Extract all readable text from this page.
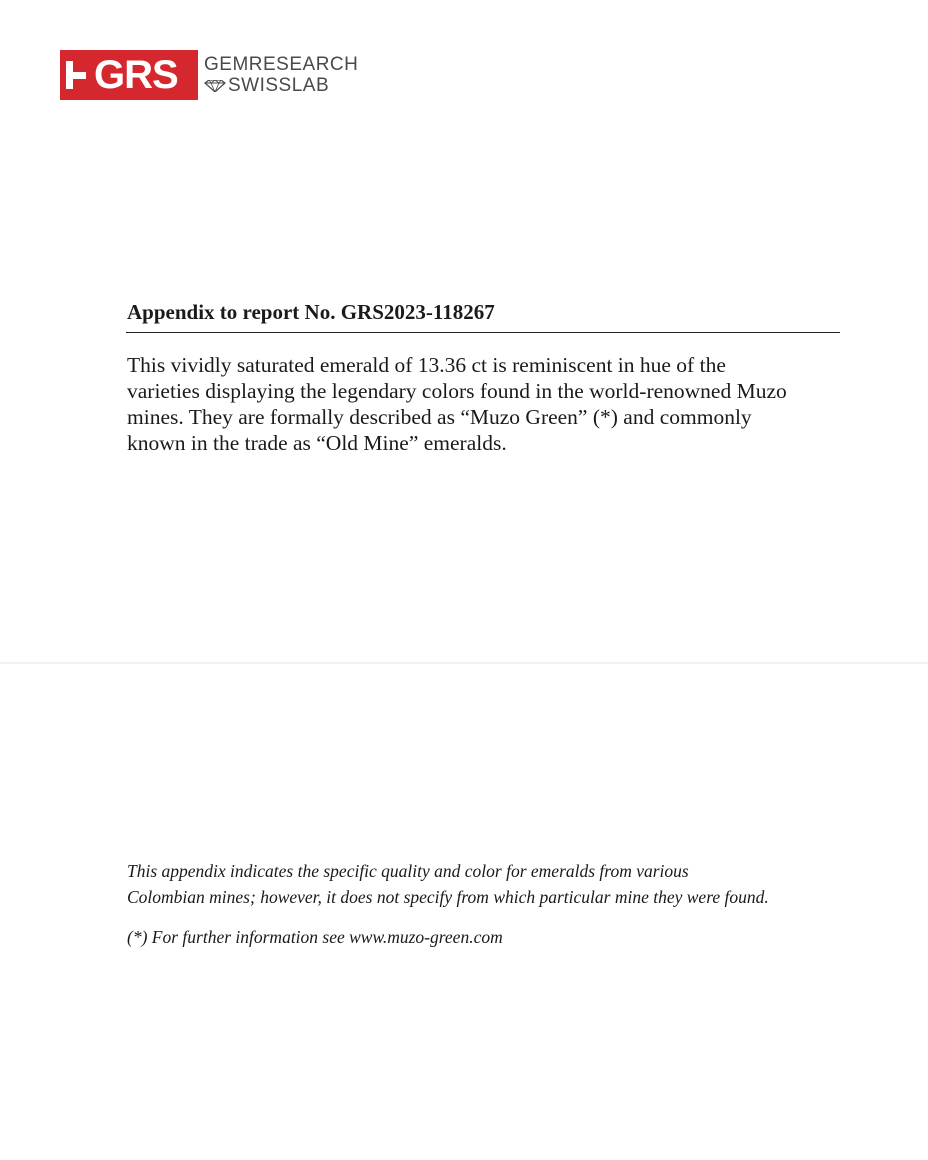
GRS GEMRESEARCH
SWISSLAB
Appendix to report No. GRS2023-118267
This vividly saturated emerald of 13.36 ct is reminiscent in hue of the
varieties displaying the legendary colors found in the world-renowned Muzo
mines. They are formally described as “Muzo Green” (*) and commonly
known in the trade as “Old Mine” emeralds.
This appendix indicates the specific quality and color for emeralds from various
Colombian mines; however, it does not specify from which particular mine they were found.
(*) For further information see www.muzo-green.com
